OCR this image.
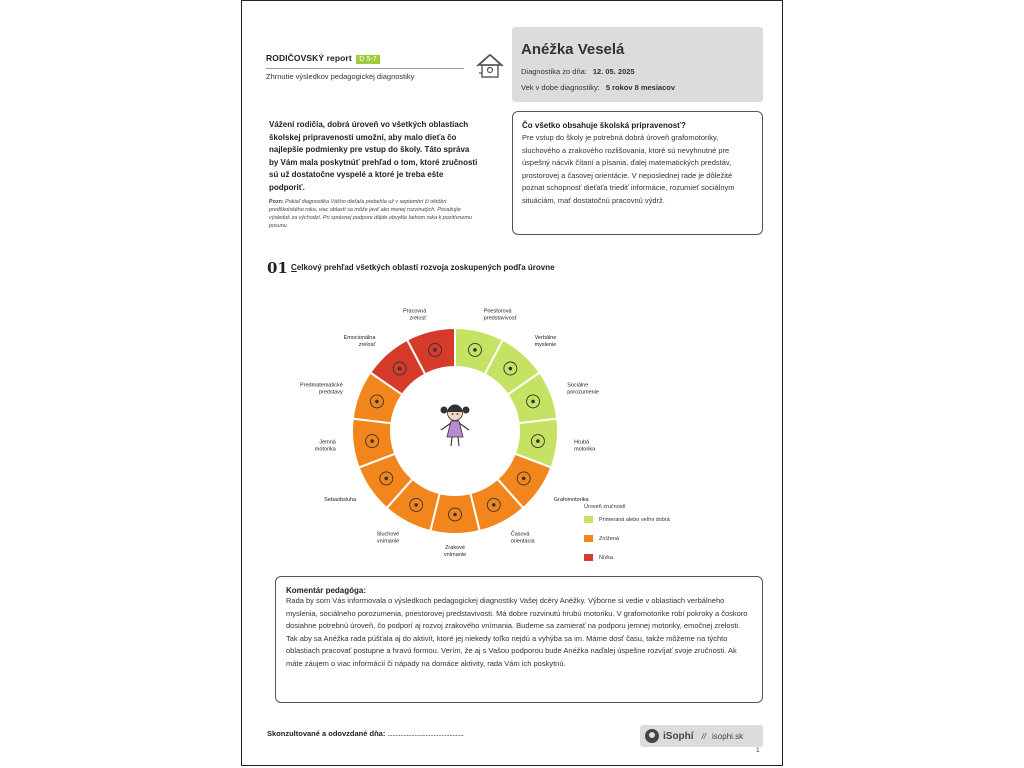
RODIČOVSKÝ report D 5-7
Zhrnutie výsledkov pedagogickej diagnostiky
Anéžka Veselá
Diagnostika zo dňa: 12. 05. 2025
Vek v dobe diagnostiky: 5 rokov 8 mesiacov
Vážení rodičia, dobrá úroveň vo všetkých oblastiach školskej pripravenosti umožní, aby malo dieťa čo najlepšie podmienky pre vstup do školy. Táto správa by Vám mala poskytnúť prehľad o tom, ktoré zručnosti sú už dostatočne vyspelé a ktoré je treba ešte podporiť.
Pozn: Pokiaľ diagnostika Vášho dieťaťa prebehla už v septembri či októbri predškolského roka, viac oblastí sa môže javiť ako menej rozvinutých. Považujte výsledok za východzí. Pri správnej podpore dôjde obvykle behom roka k pozitívnemu posunu.
Čo všetko obsahuje školská pripravenosť?
Pre vstup do školy je potrebná dobrá úroveň grafomotoriky, sluchového a zrakového rozlišovania, ktoré sú nevyhnutné pre úspešný nácvik čítaní a písania, ďalej matematických predstáv, prostorovej a časovej orientácie. V neposlednej rade je dôležité poznat schopnosť dieťaťa triediť informácie, rozumieť sociálnym situáciám, mať dostatočnú pracovnú výdrž.
01 Celkový prehľad všetkých oblastí rozvoja zoskupených podľa úrovne
Priestorová predstavivosť
Verbálne myslenie
Sociálne porozumenie
Hrubá motorika
Grafomotorika
Časová orientácia
Zrakové vnímanie
Sluchové vnímanie
Sebaobsluha
Jemná motorika
Predmatematické predstavy
Emocionálna zrelosť
Pracovná zrelosť
Úroveň zručností
Primeraná alebo veľmi dobrá
Znížená
Nízka
Komentár pedagóga:
Rada by som Vás informovala o výsledkoch pedagogickej diagnostiky Vašej dcéry Anéžky. Výborne si vedie v oblastiach verbálneho myslenia, sociálneho porozumenia, priestorovej predstavivosti. Má dobre rozvinutú hrubú motoriku. V grafomotorike robí pokroky a čoskoro dosiahne potrebnú úroveň, čo podporí aj rozvoj zrakového vnímania. Budeme sa zamierať na podporu jemnej motoriky, emočnej zrelosti. Tak aby sa Anéžka rada púšťala aj do aktivít, ktoré jej niekedy toľko nejdú a vyhýba sa im. Máme dosť času, takže môžeme na týchto oblastiach pracovať postupne a hravú formou. Verím, že aj s Vašou podporou bude Anéžka naďalej úspešne rozvíjať svoje zručnosti. Ak máte záujem o viac informácií či nápady na domáce aktivity, rada Vám ich poskytnú.
Skonzultované a odovzdané dňa: ................................................	iSophí // isophi.sk
1
